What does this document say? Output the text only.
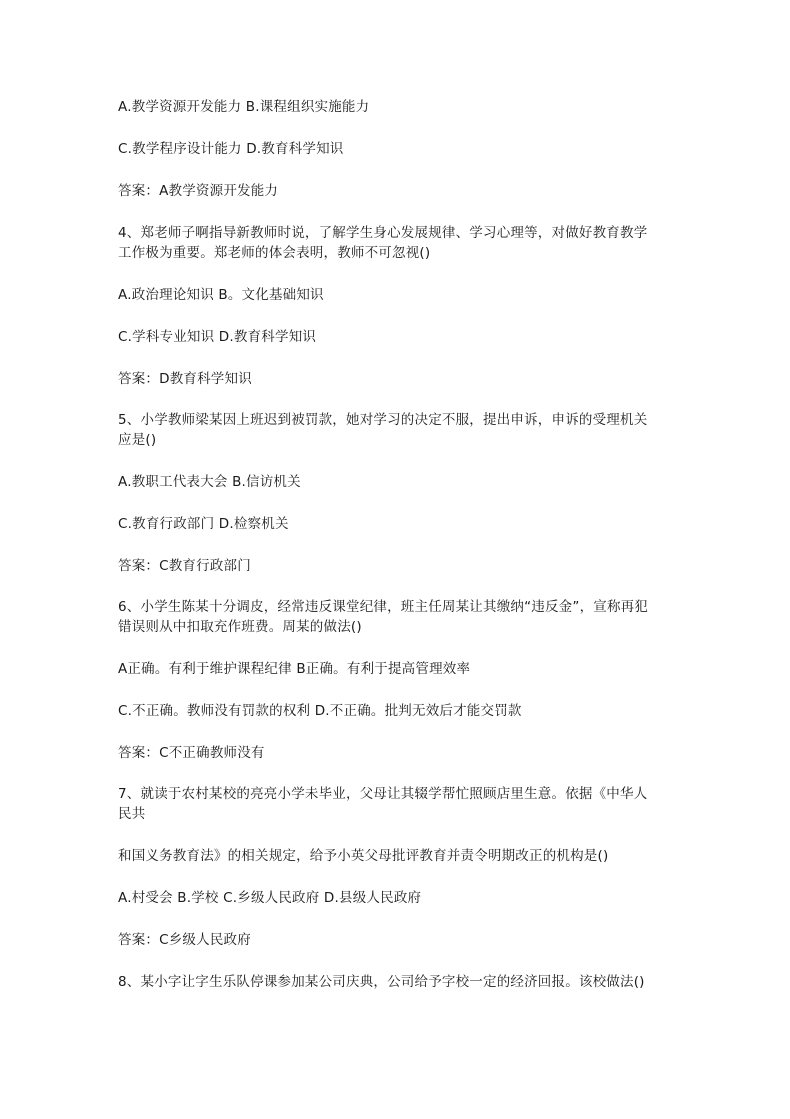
A.教学资源开发能力 B.课程组织实施能力
C.教学程序设计能力 D.教育科学知识
答案：A教学资源开发能力
4、郑老师子啊指导新教师时说，了解学生身心发展规律、学习心理等，对做好教育教学
工作极为重要。郑老师的体会表明，教师不可忽视()
A.政治理论知识 B。文化基础知识
C.学科专业知识 D.教育科学知识
答案：D教育科学知识
5、小学教师梁某因上班迟到被罚款，她对学习的决定不服，提出申诉，申诉的受理机关
应是()
A.教职工代表大会 B.信访机关
C.教育行政部门 D.检察机关
答案：C教育行政部门
6、小学生陈某十分调皮，经常违反课堂纪律，班主任周某让其缴纳“违反金”，宣称再犯
错误则从中扣取充作班费。周某的做法()
A正确。有利于维护课程纪律 B正确。有利于提高管理效率
C.不正确。教师没有罚款的权利 D.不正确。批判无效后才能交罚款
答案：C不正确教师没有
7、就读于农村某校的亮亮小学未毕业，父母让其辍学帮忙照顾店里生意。依据《中华人
民共
和国义务教育法》的相关规定，给予小英父母批评教育并责令明期改正的机构是()
A.村受会 B.学校 C.乡级人民政府 D.县级人民政府
答案：C乡级人民政府
8、某小字让字生乐队停课参加某公司庆典，公司给予字校一定的经济回报。该校做法()
